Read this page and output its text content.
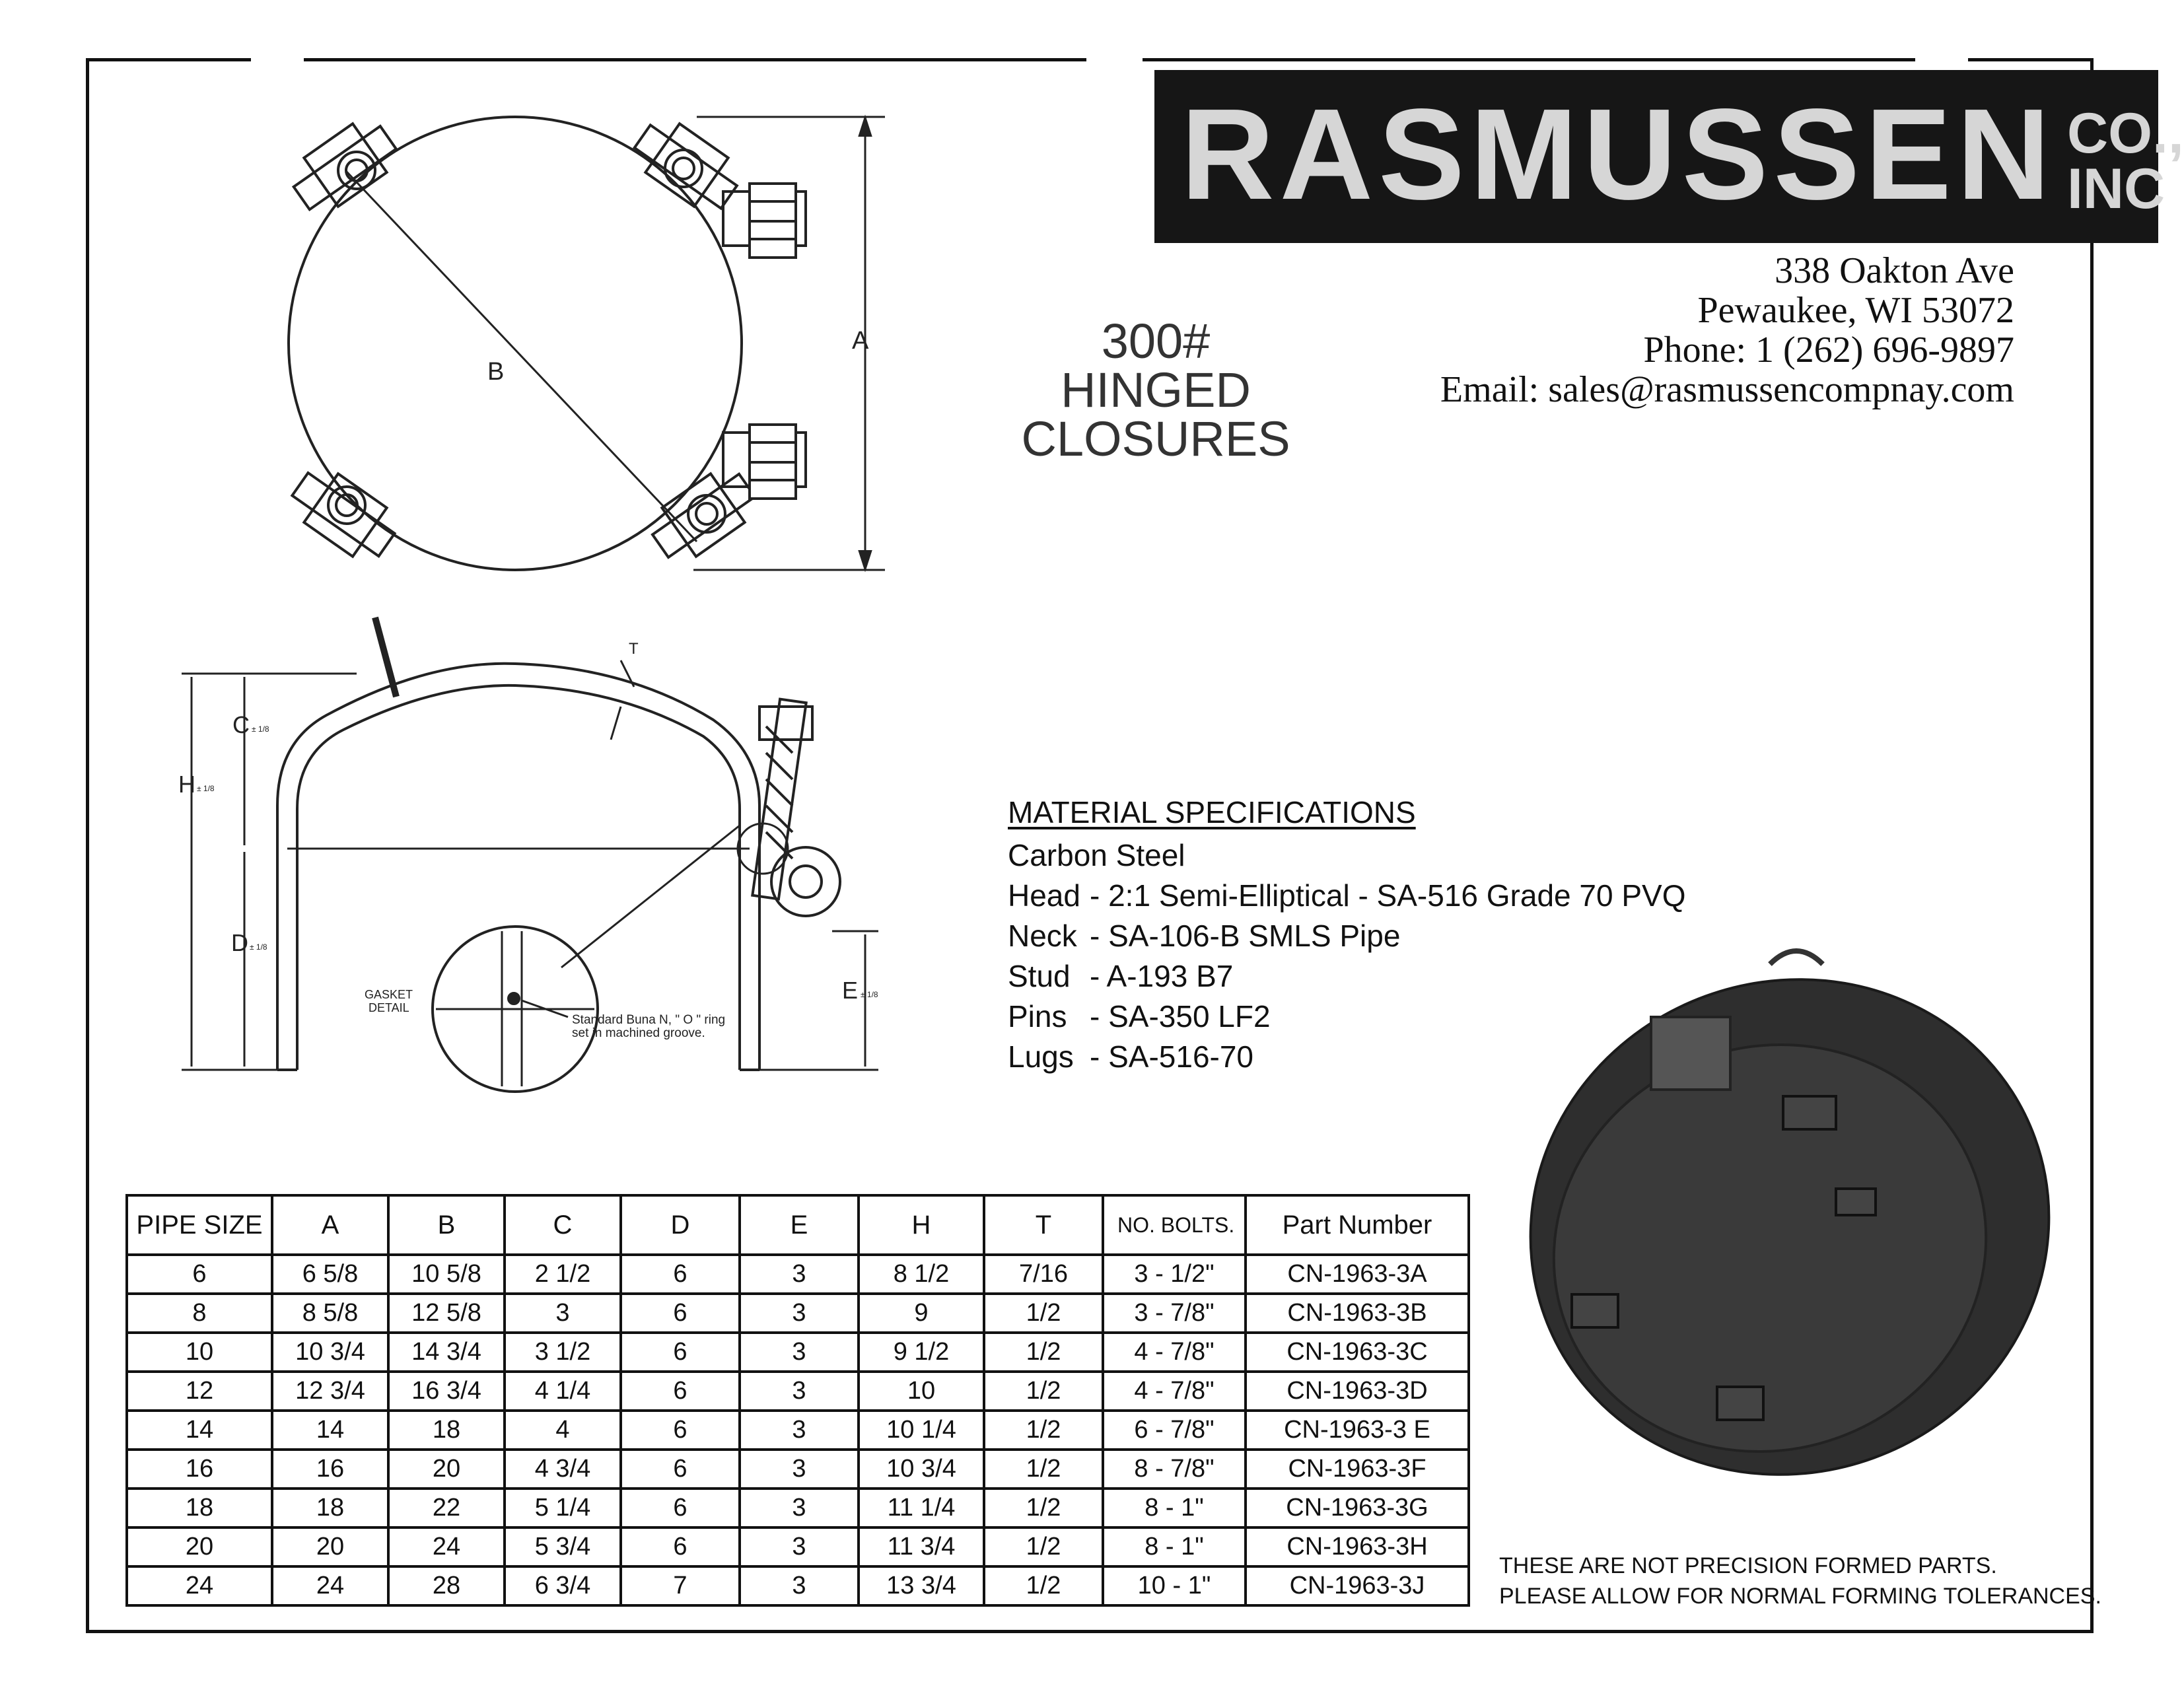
RASMUSSEN CO.,
INC
338 Oakton Ave
Pewaukee, WI 53072
Phone: 1 (262) 696-9897
Email: sales@rasmussencompnay.com
300#
HINGED
CLOSURES
B
A
T
C ± 1/8
H ± 1/8
D ± 1/8
E ± 1/8
GASKET
DETAIL
Standard Buna N, " O " ring
set in machined groove.
MATERIAL SPECIFICATIONS
Carbon Steel
Head - 2:1 Semi-Elliptical - SA-516 Grade 70 PVQ
Neck - SA-106-B SMLS Pipe
Stud - A-193 B7
Pins - SA-350 LF2
Lugs - SA-516-70
PIPE SIZE	A	B	C	D	E	H	T	NO. BOLTS.	Part Number
6	6 5/8	10 5/8	2 1/2	6	3	8 1/2	7/16	3 - 1/2"	CN-1963-3A
8	8 5/8	12 5/8	3	6	3	9	1/2	3 - 7/8"	CN-1963-3B
10	10 3/4	14 3/4	3 1/2	6	3	9 1/2	1/2	4 - 7/8"	CN-1963-3C
12	12 3/4	16 3/4	4 1/4	6	3	10	1/2	4 - 7/8"	CN-1963-3D
14	14	18	4	6	3	10 1/4	1/2	6 - 7/8"	CN-1963-3 E
16	16	20	4 3/4	6	3	10 3/4	1/2	8 - 7/8"	CN-1963-3F
18	18	22	5 1/4	6	3	11 1/4	1/2	8 - 1"	CN-1963-3G
20	20	24	5 3/4	6	3	11 3/4	1/2	8 - 1"	CN-1963-3H
24	24	28	6 3/4	7	3	13 3/4	1/2	10 - 1"	CN-1963-3J
THESE ARE NOT PRECISION FORMED PARTS.
PLEASE ALLOW FOR NORMAL FORMING TOLERANCES.
